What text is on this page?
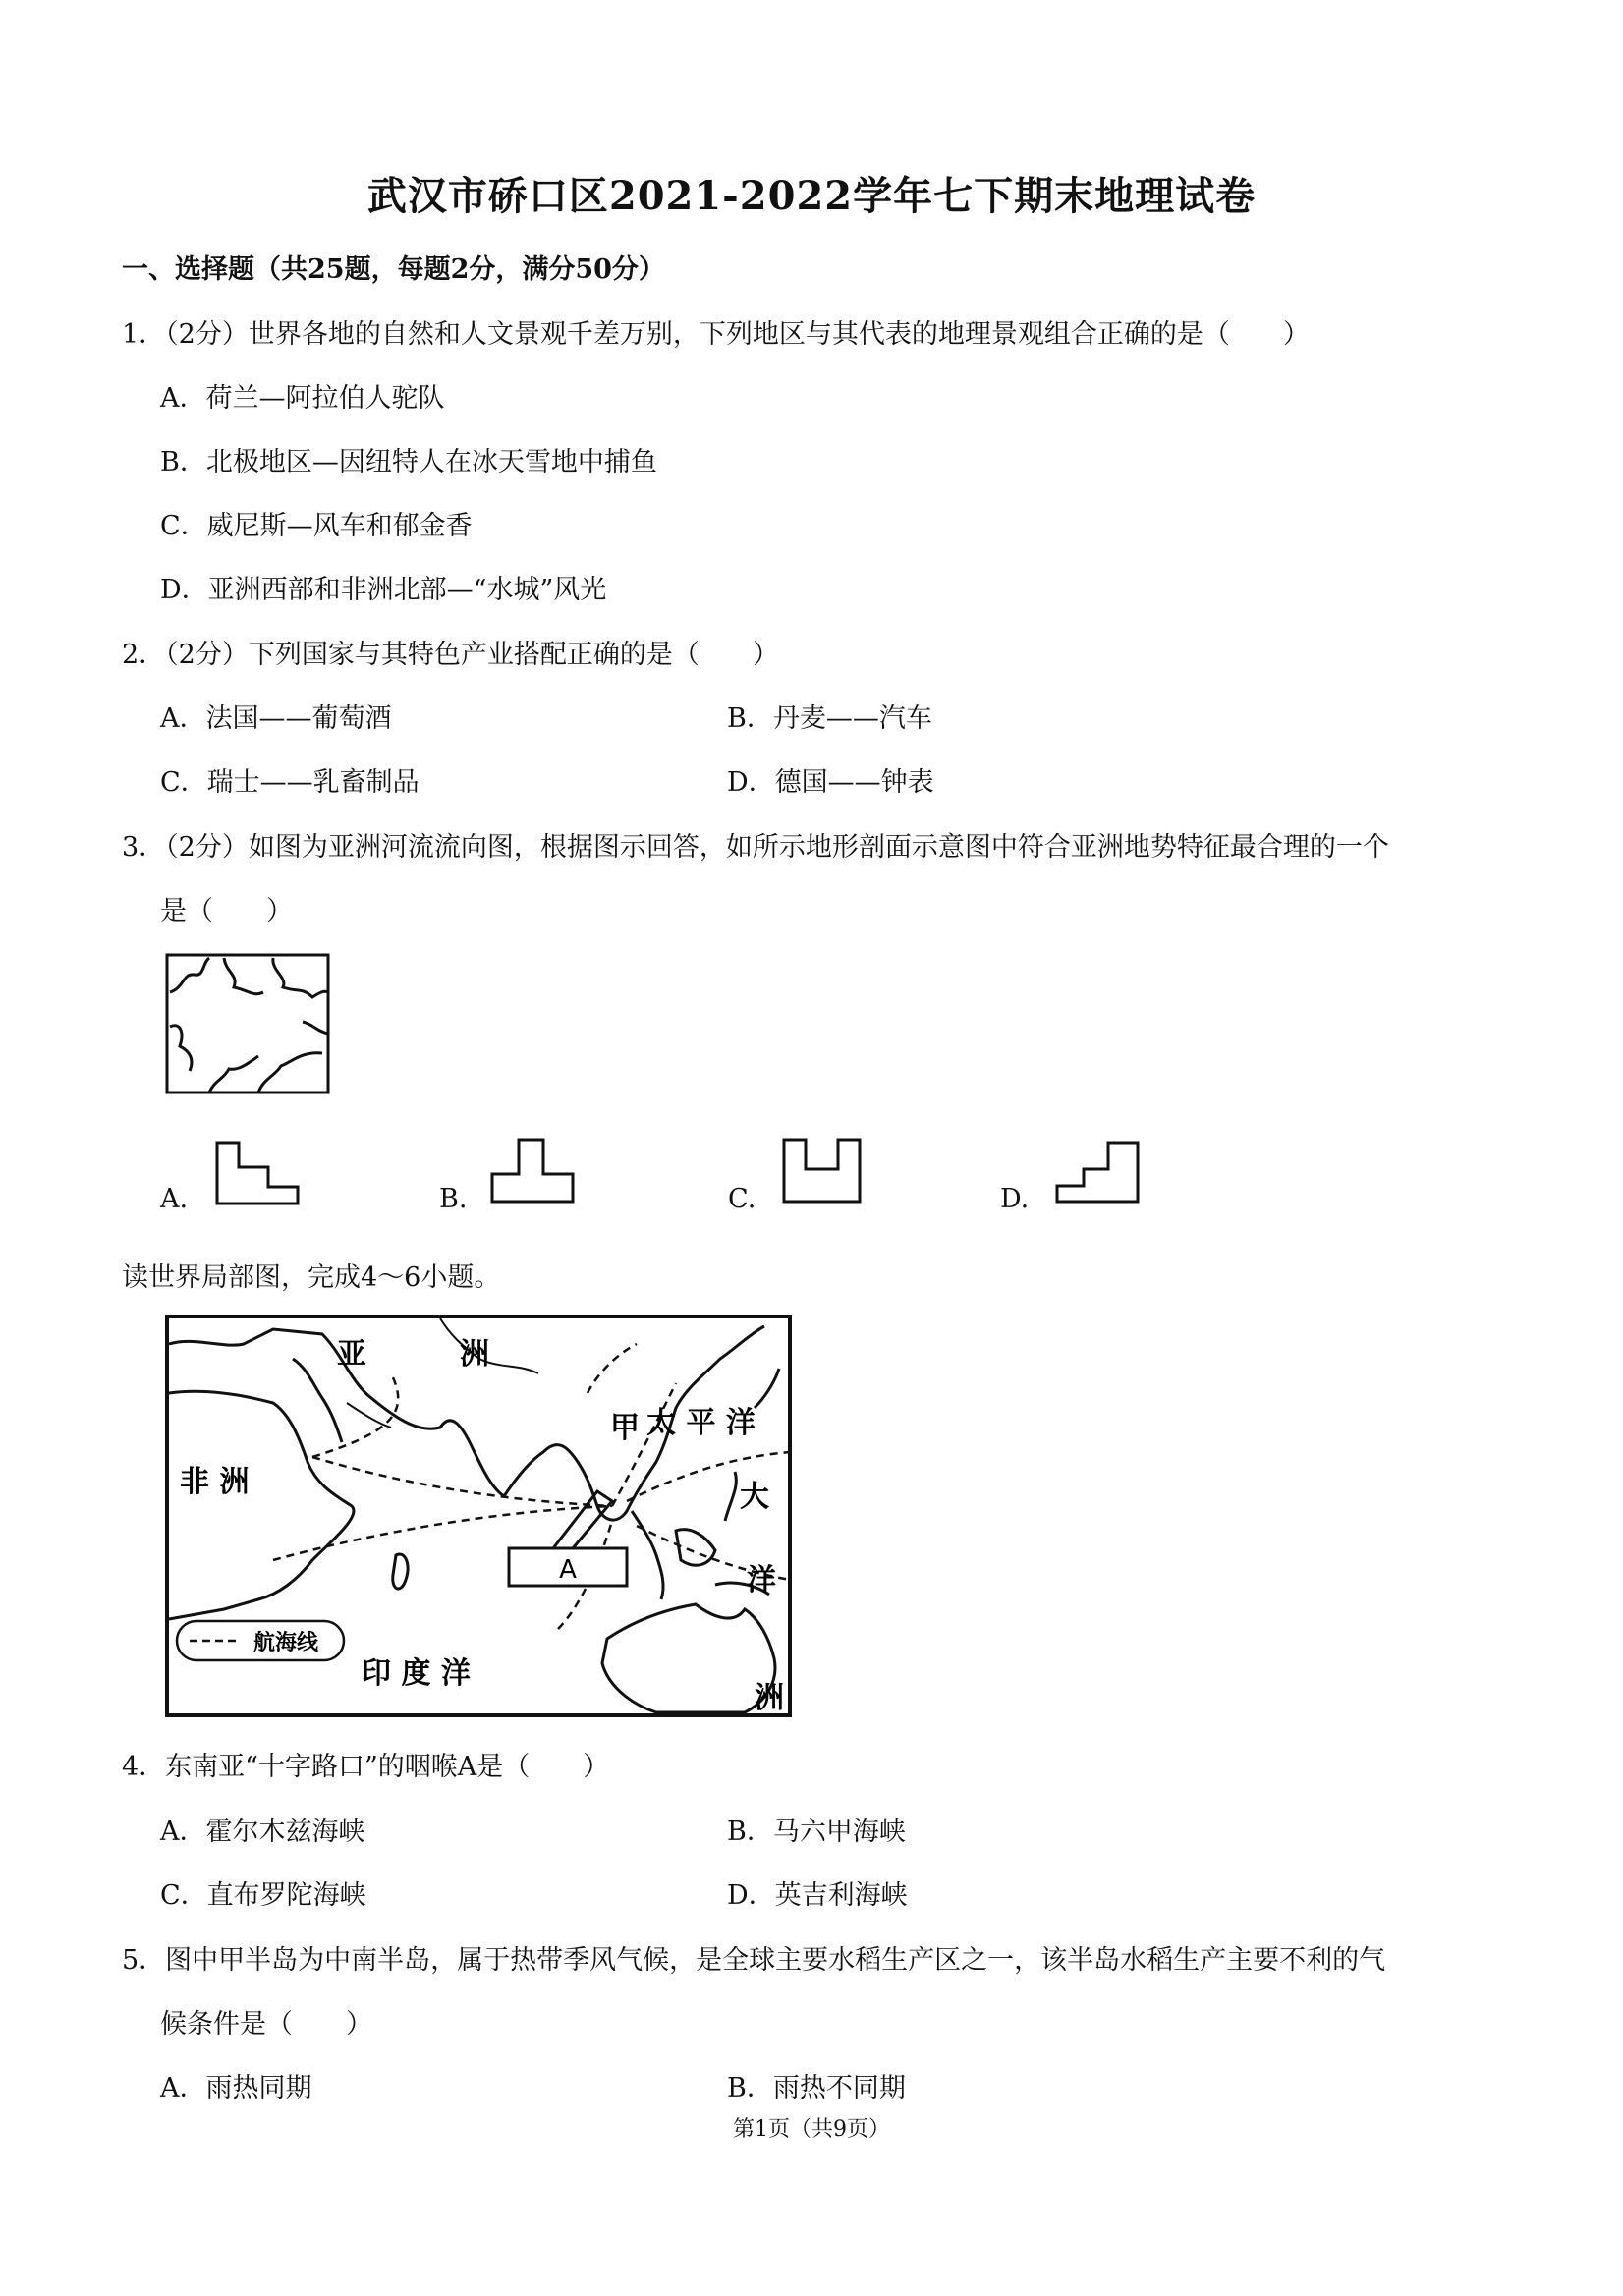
武汉市硚口区2021-2022学年七下期末地理试卷
一、选择题（共25题，每题2分，满分50分）
1．（2分）世界各地的自然和人文景观千差万别，下列地区与其代表的地理景观组合正确的是（　　）
A．荷兰—阿拉伯人驼队
B．北极地区—因纽特人在冰天雪地中捕鱼
C．威尼斯—风车和郁金香
D．亚洲西部和非洲北部—“水城”风光
2．（2分）下列国家与其特色产业搭配正确的是（　　）
A．法国——葡萄酒	B．丹麦——汽车
C．瑞士——乳畜制品	D．德国——钟表
3．（2分）如图为亚洲河流流向图，根据图示回答，如所示地形剖面示意图中符合亚洲地势特征最合理的一个
是（　　）
A.	B.	C.	D.
读世界局部图，完成4～6小题。
A
亚	洲
非 洲
甲 太 平 洋
大
洋
洲
印 度 洋
航海线
4．东南亚“十字路口”的咽喉A是（　　）
A．霍尔木兹海峡	B．马六甲海峡
C．直布罗陀海峡	D．英吉利海峡
5．图中甲半岛为中南半岛，属于热带季风气候，是全球主要水稻生产区之一，该半岛水稻生产主要不利的气
候条件是（　　）
A．雨热同期	B．雨热不同期
第1页（共9页）
